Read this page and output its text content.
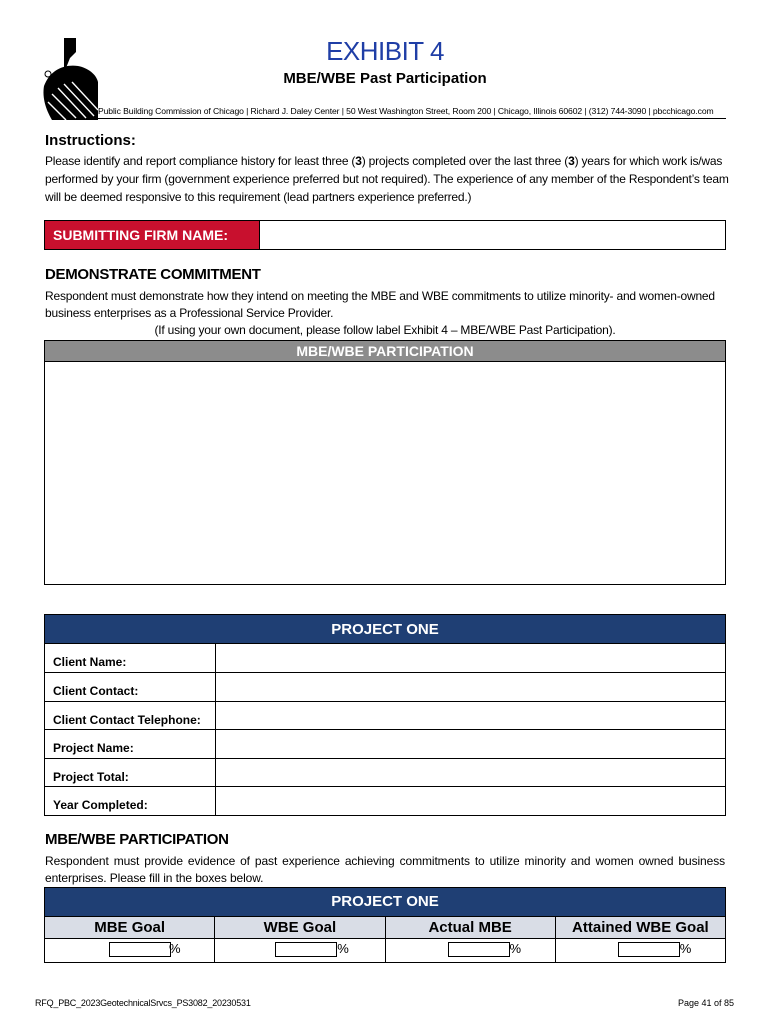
EXHIBIT 4
MBE/WBE Past Participation
Public Building Commission of Chicago | Richard J. Daley Center | 50 West Washington Street, Room 200 | Chicago, Illinois 60602 | (312) 744-3090 | pbcchicago.com
Instructions:
Please identify and report compliance history for least three (3) projects completed over the last three (3) years for which work is/was performed by your firm (government experience preferred but not required). The experience of any member of the Respondent’s team will be deemed responsive to this requirement (lead partners experience preferred.)
SUBMITTING FIRM NAME:
DEMONSTRATE COMMITMENT
Respondent must demonstrate how they intend on meeting the MBE and WBE commitments to utilize minority- and women-owned business enterprises as a Professional Service Provider.
(If using your own document, please follow label Exhibit 4 – MBE/WBE Past Participation).
MBE/WBE PARTICIPATION
PROJECT ONE
Client Name:
Client Contact:
Client Contact Telephone:
Project Name:
Project Total:
Year Completed:
MBE/WBE PARTICIPATION
Respondent must provide evidence of past experience achieving commitments to utilize minority and women owned business enterprises. Please fill in the boxes below.
PROJECT ONE
MBE Goal	WBE Goal	Actual MBE	Attained WBE Goal
%	%	%	%
RFQ_PBC_2023GeotechnicalSrvcs_PS3082_20230531	Page 41 of 85
